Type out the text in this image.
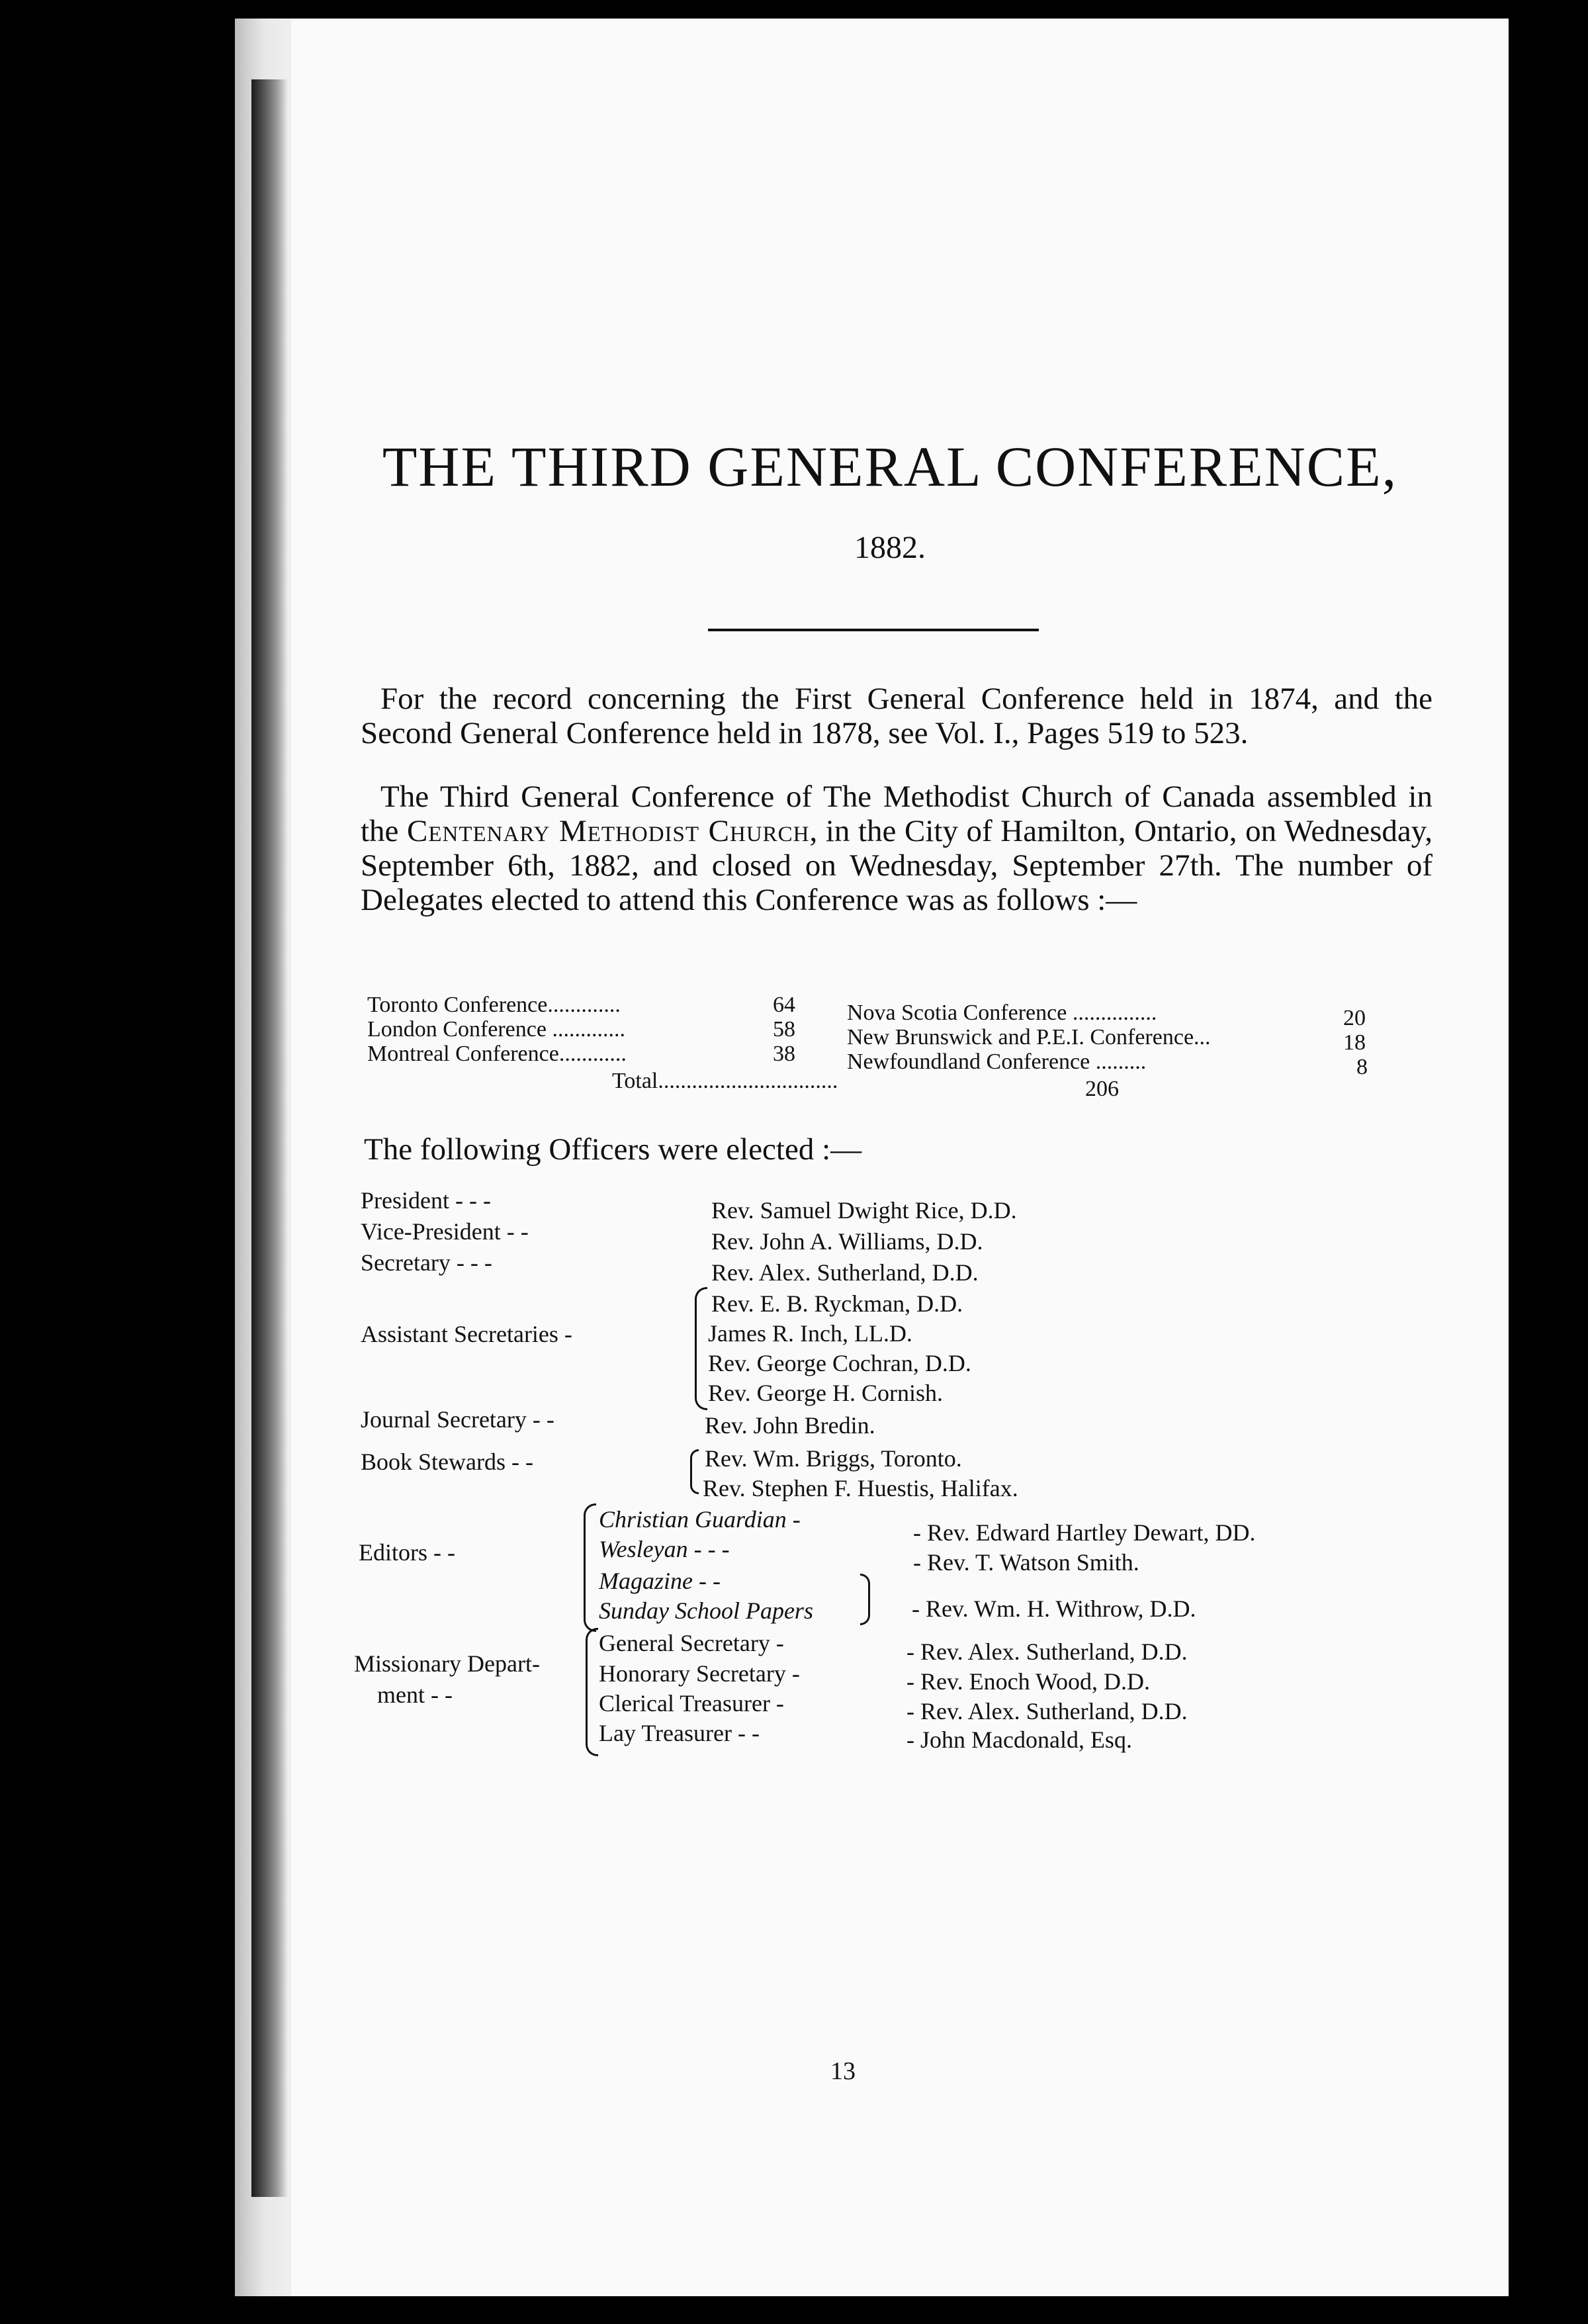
THE THIRD GENERAL CONFERENCE,
1882.

For the record concerning the First General Conference held in 1874, and the Second General Conference held in 1878, see Vol. I., Pages 519 to 523.

The Third General Conference of The Methodist Church of Canada assembled in the Centenary Methodist Church, in the City of Hamilton, Ontario, on Wednesday, September 6th, 1882, and closed on Wednesday, September 27th. The number of Delegates elected to attend this Conference was as follows :—

Toronto Conference.............	64
London Conference .............	58
Montreal Conference............	38
Nova Scotia Conference ...............	20
New Brunswick and P.E.I. Conference...	18
Newfoundland Conference .........	8
Total................................	206
The following Officers were elected :—
President - - -	Rev. Samuel Dwight Rice, D.D.
Vice-President - -	Rev. John A. Williams, D.D.
Secretary - - -	Rev. Alex. Sutherland, D.D.
Assistant Secretaries -
Rev. E. B. Ryckman, D.D.
James R. Inch, LL.D.
Rev. George Cochran, D.D.
Rev. George H. Cornish.
Journal Secretary - -	Rev. John Bredin.
Book Stewards - -	Rev. Wm. Briggs, Toronto.
Rev. Stephen F. Huestis, Halifax.
Editors - -
Christian Guardian -	- Rev. Edward Hartley Dewart, DD.
Wesleyan - - -	- Rev. T. Watson Smith.
Magazine - -
Sunday School Papers	- Rev. Wm. H. Withrow, D.D.
Missionary Depart-
ment - -
General Secretary -	- Rev. Alex. Sutherland, D.D.
Honorary Secretary -	- Rev. Enoch Wood, D.D.
Clerical Treasurer -	- Rev. Alex. Sutherland, D.D.
Lay Treasurer - -	- John Macdonald, Esq.
13
